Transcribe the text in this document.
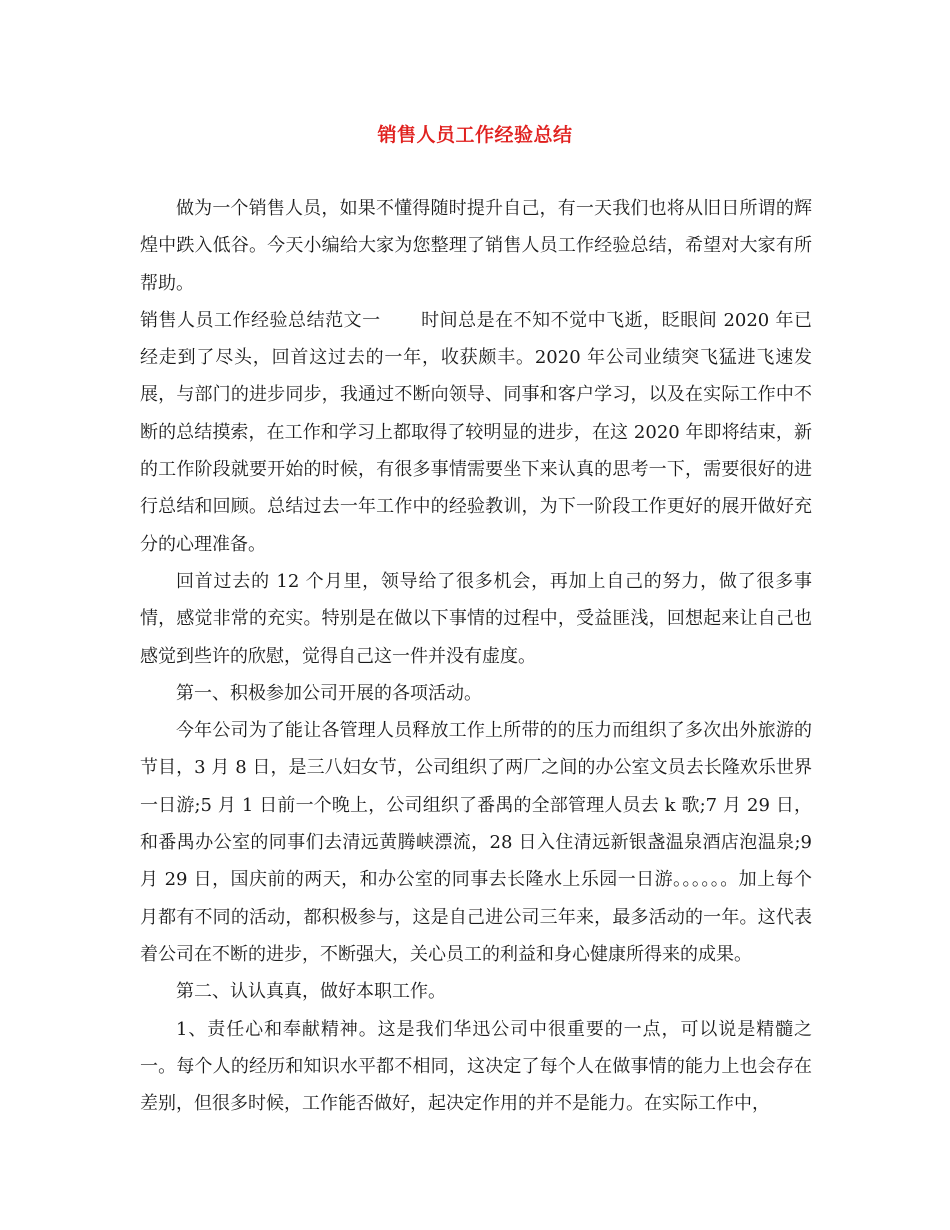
销售人员工作经验总结

做为一个销售人员，如果不懂得随时提升自己，有一天我们也将从旧日所谓的辉煌中跌入低谷。今天小编给大家为您整理了销售人员工作经验总结，希望对大家有所帮助。

销售人员工作经验总结范文一 时间总是在不知不觉中飞逝，眨眼间 2020 年已经走到了尽头，回首这过去的一年，收获颇丰。2020 年公司业绩突飞猛进飞速发展，与部门的进步同步，我通过不断向领导、同事和客户学习，以及在实际工作中不断的总结摸索，在工作和学习上都取得了较明显的进步，在这 2020 年即将结束，新的工作阶段就要开始的时候，有很多事情需要坐下来认真的思考一下，需要很好的进行总结和回顾。总结过去一年工作中的经验教训，为下一阶段工作更好的展开做好充分的心理准备。

回首过去的 12 个月里，领导给了很多机会，再加上自己的努力，做了很多事情，感觉非常的充实。特别是在做以下事情的过程中，受益匪浅，回想起来让自己也感觉到些许的欣慰，觉得自己这一件并没有虚度。

第一、积极参加公司开展的各项活动。

今年公司为了能让各管理人员释放工作上所带的的压力而组织了多次出外旅游的节目，3 月 8 日，是三八妇女节，公司组织了两厂之间的办公室文员去长隆欢乐世界一日游;5 月 1 日前一个晚上，公司组织了番禺的全部管理人员去 k 歌;7 月 29 日，和番禺办公室的同事们去清远黄腾峡漂流，28 日入住清远新银盏温泉酒店泡温泉;9 月 29 日，国庆前的两天，和办公室的同事去长隆水上乐园一日游。。。。。。加上每个月都有不同的活动，都积极参与，这是自己进公司三年来，最多活动的一年。这代表着公司在不断的进步，不断强大，关心员工的利益和身心健康所得来的成果。

第二、认认真真，做好本职工作。

1、责任心和奉献精神。这是我们华迅公司中很重要的一点，可以说是精髓之一。每个人的经历和知识水平都不相同，这决定了每个人在做事情的能力上也会存在差别，但很多时候，工作能否做好，起决定作用的并不是能力。在实际工作中，
